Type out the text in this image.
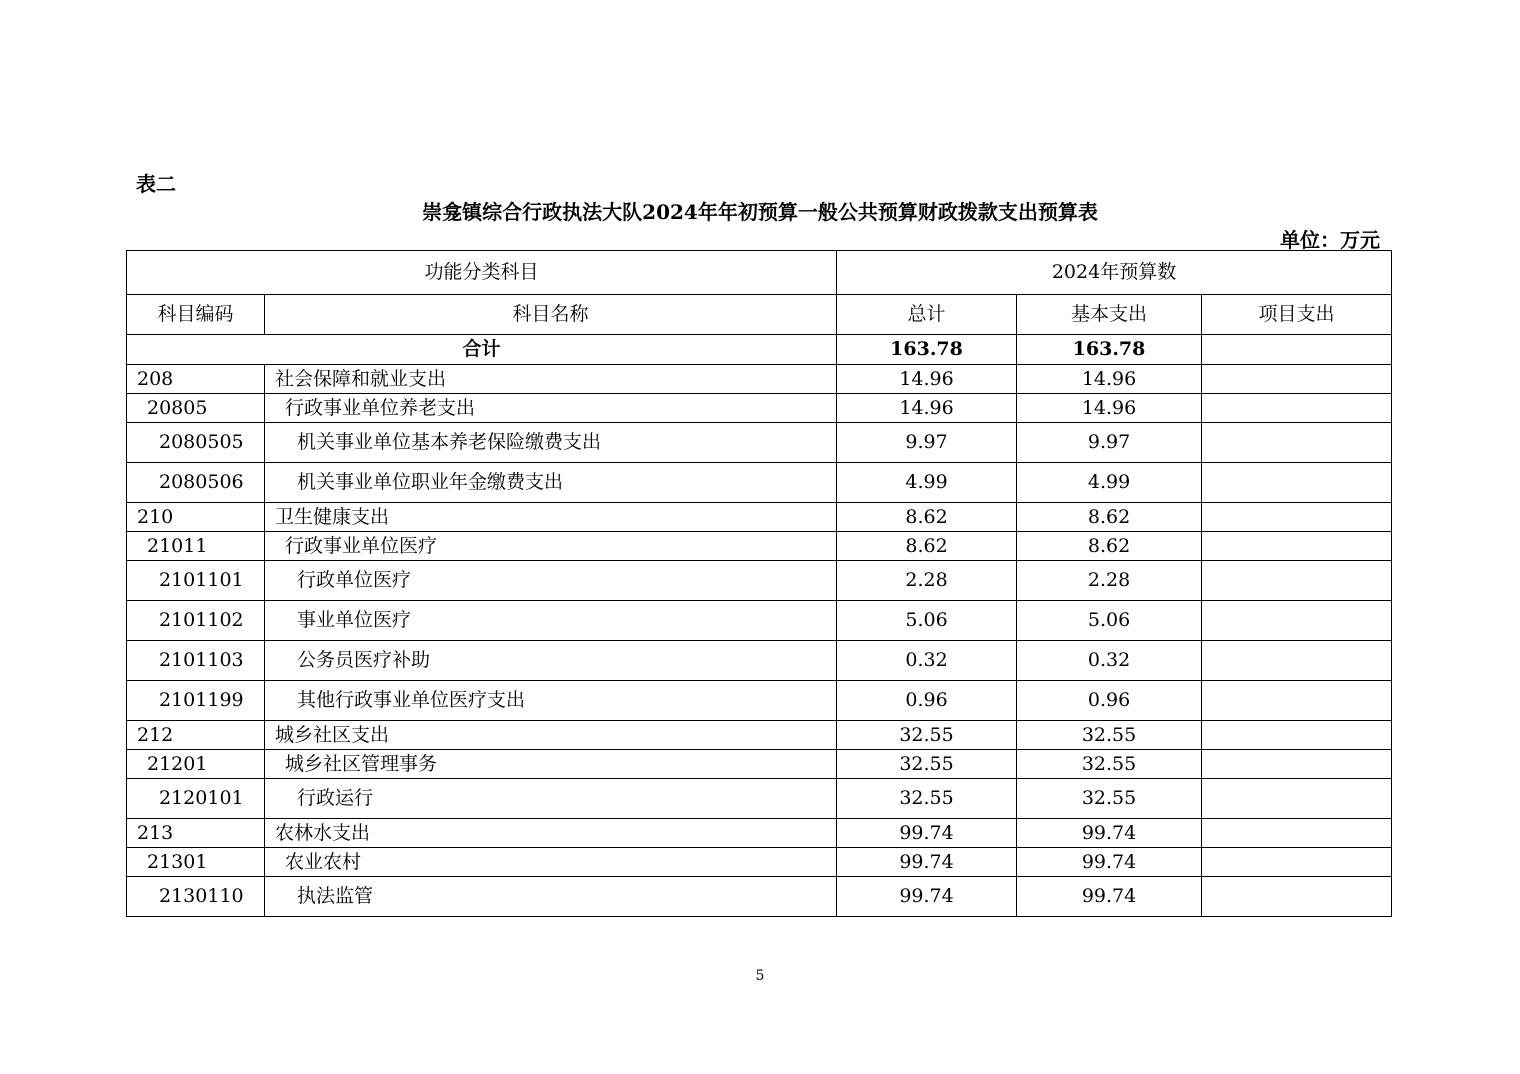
表二
崇龛镇综合行政执法大队2024年年初预算一般公共预算财政拨款支出预算表
单位：万元
功能分类科目		2024年预算数		
科目编码	科目名称	总计	基本支出	项目支出
合计		163.78	163.78	
208	社会保障和就业支出	14.96	14.96	
20805	行政事业单位养老支出	14.96	14.96	
2080505	机关事业单位基本养老保险缴费支出	9.97	9.97	
2080506	机关事业单位职业年金缴费支出	4.99	4.99	
210	卫生健康支出	8.62	8.62	
21011	行政事业单位医疗	8.62	8.62	
2101101	行政单位医疗	2.28	2.28	
2101102	事业单位医疗	5.06	5.06	
2101103	公务员医疗补助	0.32	0.32	
2101199	其他行政事业单位医疗支出	0.96	0.96	
212	城乡社区支出	32.55	32.55	
21201	城乡社区管理事务	32.55	32.55	
2120101	行政运行	32.55	32.55	
213	农林水支出	99.74	99.74	
21301	农业农村	99.74	99.74	
2130110	执法监管	99.74	99.74	
5
